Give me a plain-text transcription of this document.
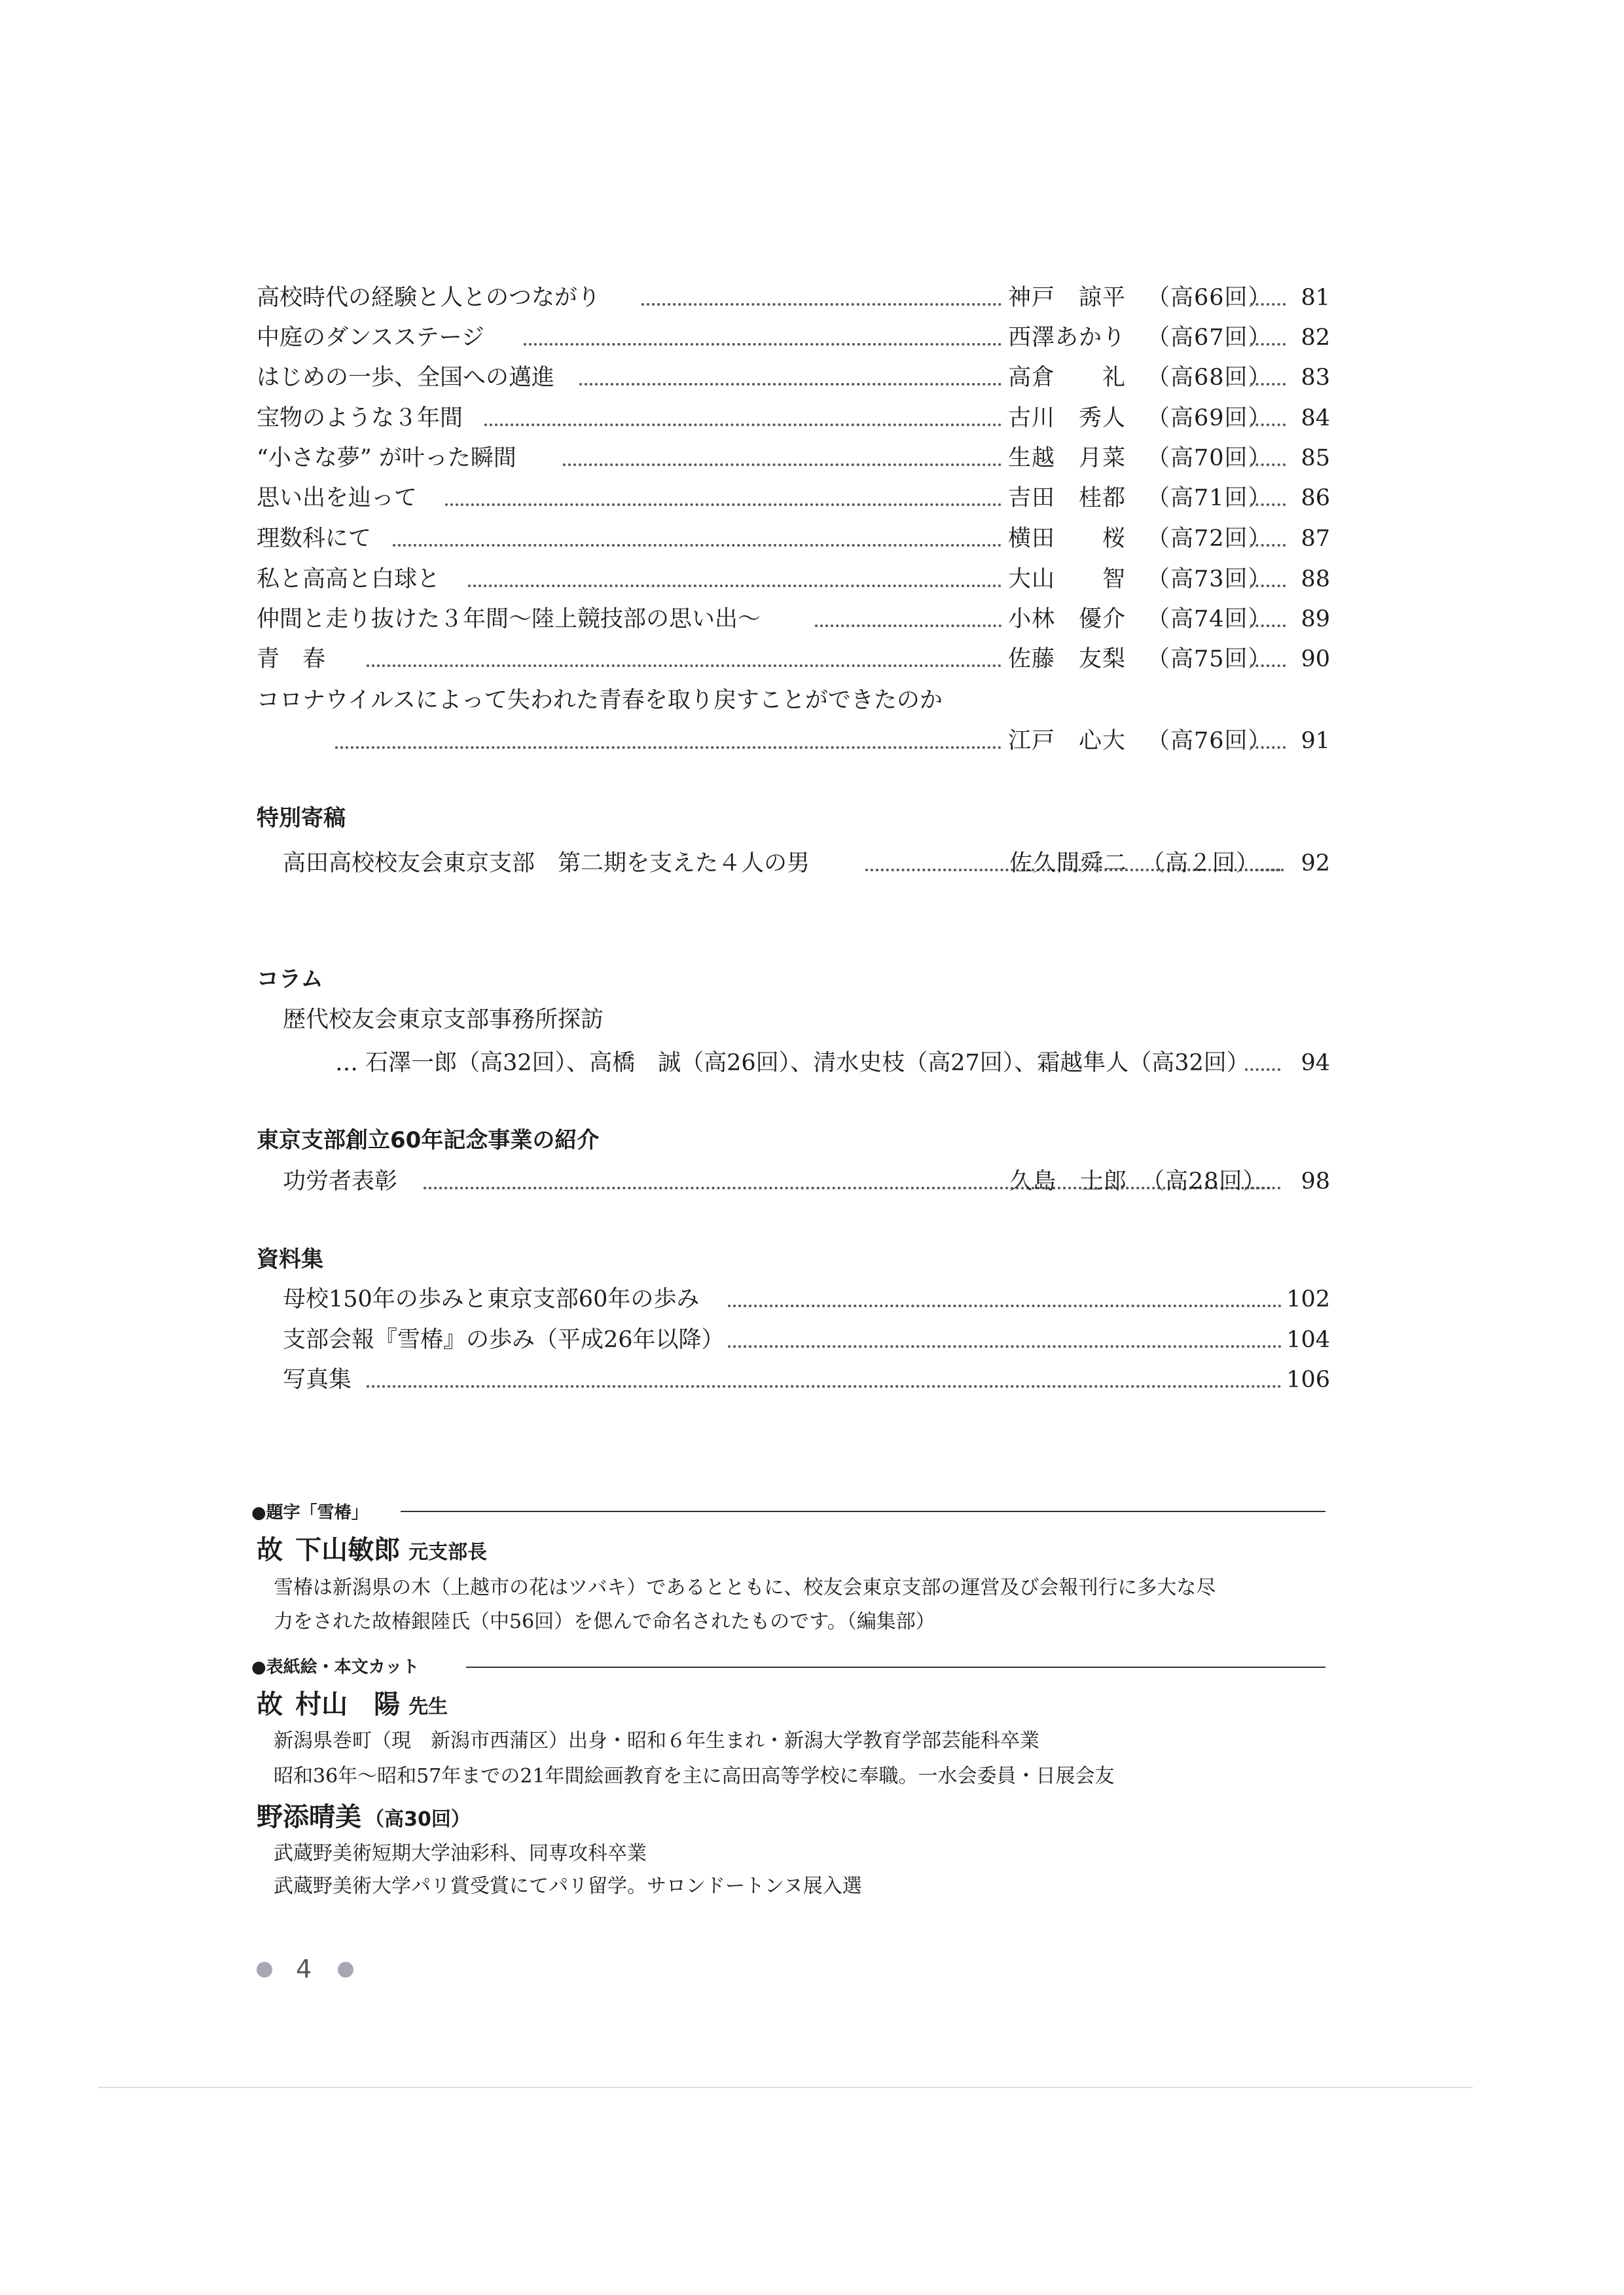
高校時代の経験と人とのつながり	神戸　諒平 （高66回）	81
中庭のダンスステージ	西澤あかり （高67回）	82
はじめの一歩、全国への邁進	高倉　　礼 （高68回）	83
宝物のような３年間	古川　秀人 （高69回）	84
“小さな夢” が叶った瞬間	生越　月菜 （高70回）	85
思い出を辿って	吉田　桂都 （高71回）	86
理数科にて	横田　　桜 （高72回）	87
私と高高と白球と	大山　　智 （高73回）	88
仲間と走り抜けた３年間～陸上競技部の思い出～	小林　優介 （高74回）	89
青　春	佐藤　友梨 （高75回）	90
コロナウイルスによって失われた青春を取り戻すことができたのか
江戸　心大 （高76回）	91
特別寄稿
高田高校校友会東京支部　第二期を支えた４人の男	佐久間舜二 （高２回）	92
コラム
歴代校友会東京支部事務所探訪
… 石澤一郎（高32回）、高橋　誠（高26回）、清水史枝（高27回）、霜越隼人（高32回）	94
東京支部創立60年記念事業の紹介
功労者表彰	久島　士郎 （高28回）	98
資料集
母校150年の歩みと東京支部60年の歩み	102
支部会報『雪椿』の歩み（平成26年以降）	104
写真集	106
●題字「雪椿」
故 下山敏郎 元支部長
雪椿は新潟県の木（上越市の花はツバキ）であるとともに、校友会東京支部の運営及び会報刊行に多大な尽
力をされた故椿銀陸氏（中56回）を偲んで命名されたものです。（編集部）
●表紙絵・本文カット
故 村山　陽 先生
新潟県巻町（現　新潟市西蒲区）出身・昭和６年生まれ・新潟大学教育学部芸能科卒業
昭和36年～昭和57年までの21年間絵画教育を主に高田高等学校に奉職。一水会委員・日展会友
野添晴美 （高30回）
武蔵野美術短期大学油彩科、同専攻科卒業
武蔵野美術大学パリ賞受賞にてパリ留学。サロンドートンヌ展入選
4
